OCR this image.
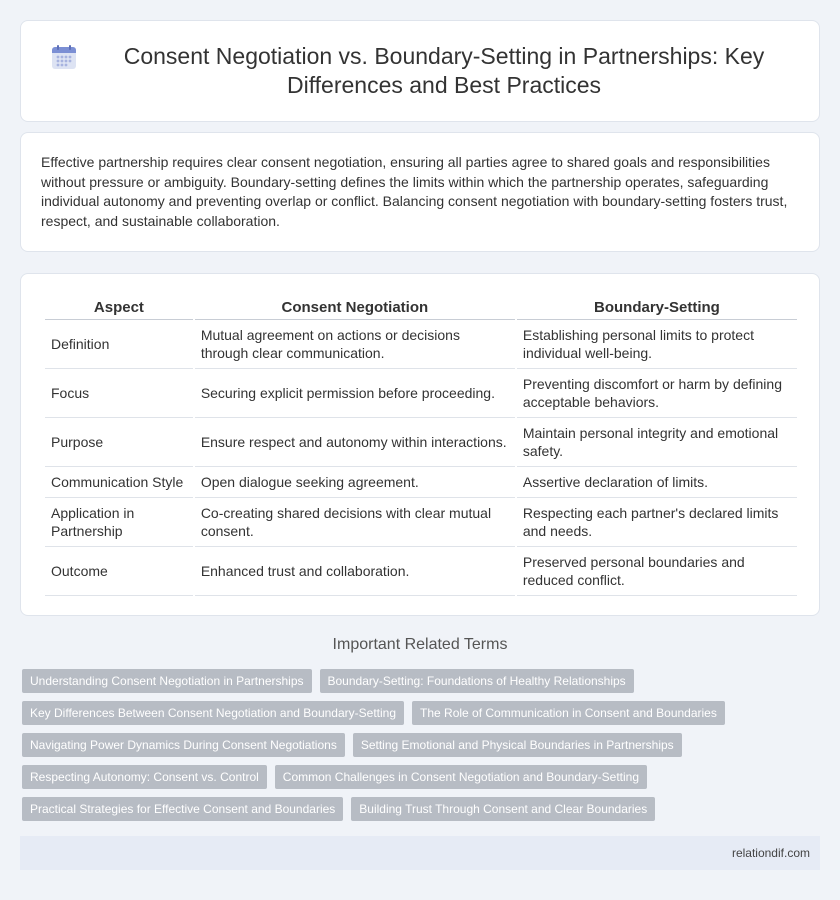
Consent Negotiation vs. Boundary-Setting in Partnerships: Key Differences and Best Practices

Effective partnership requires clear consent negotiation, ensuring all parties agree to shared goals and responsibilities without pressure or ambiguity. Boundary-setting defines the limits within which the partnership operates, safeguarding individual autonomy and preventing overlap or conflict. Balancing consent negotiation with boundary-setting fosters trust, respect, and sustainable collaboration.

Aspect	Consent Negotiation	Boundary-Setting
Definition	Mutual agreement on actions or decisions through clear communication.	Establishing personal limits to protect individual well-being.
Focus	Securing explicit permission before proceeding.	Preventing discomfort or harm by defining acceptable behaviors.
Purpose	Ensure respect and autonomy within interactions.	Maintain personal integrity and emotional safety.
Communication Style	Open dialogue seeking agreement.	Assertive declaration of limits.
Application in Partnership	Co-creating shared decisions with clear mutual consent.	Respecting each partner's declared limits and needs.
Outcome	Enhanced trust and collaboration.	Preserved personal boundaries and reduced conflict.
Important Related Terms
Understanding Consent Negotiation in Partnerships	Boundary-Setting: Foundations of Healthy Relationships
Key Differences Between Consent Negotiation and Boundary-Setting	The Role of Communication in Consent and Boundaries
Navigating Power Dynamics During Consent Negotiations	Setting Emotional and Physical Boundaries in Partnerships
Respecting Autonomy: Consent vs. Control	Common Challenges in Consent Negotiation and Boundary-Setting
Practical Strategies for Effective Consent and Boundaries	Building Trust Through Consent and Clear Boundaries
relationdif.com
